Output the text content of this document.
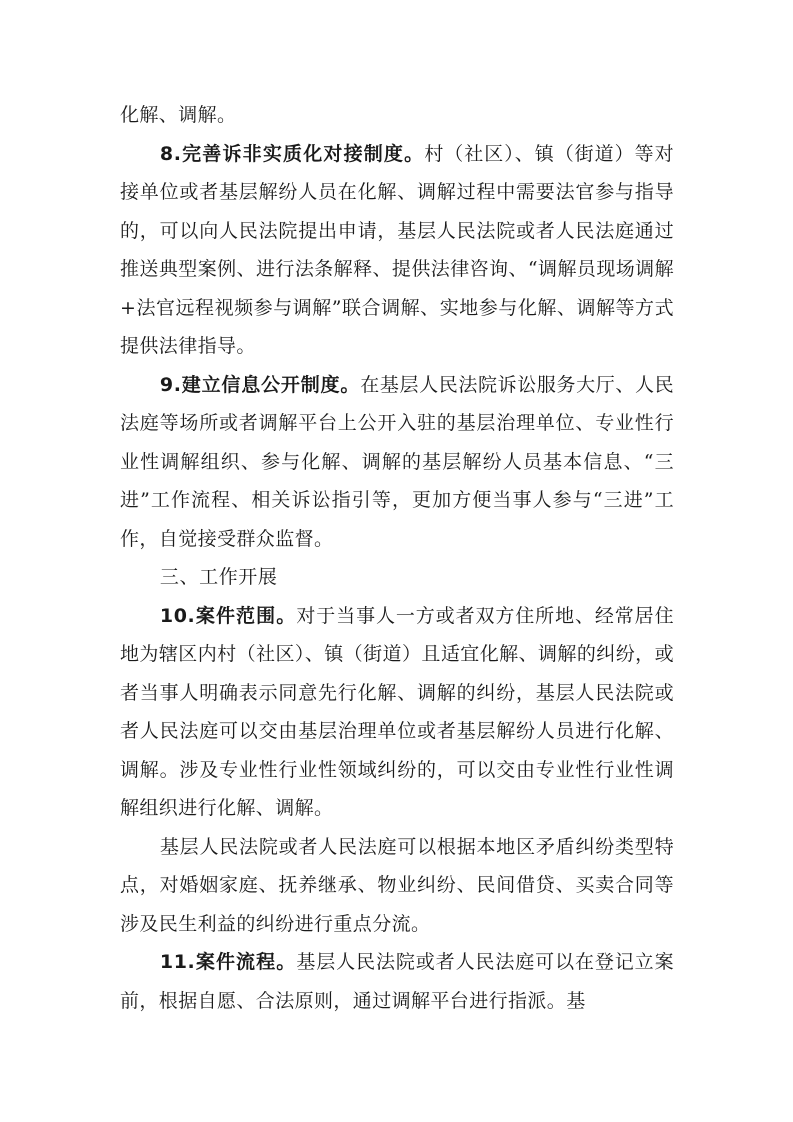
化解、调解。

8.完善诉非实质化对接制度。村（社区）、镇（街道）等对接单位或者基层解纷人员在化解、调解过程中需要法官参与指导的，可以向人民法院提出申请，基层人民法院或者人民法庭通过推送典型案例、进行法条解释、提供法律咨询、“调解员现场调解+法官远程视频参与调解”联合调解、实地参与化解、调解等方式提供法律指导。

9.建立信息公开制度。在基层人民法院诉讼服务大厅、人民法庭等场所或者调解平台上公开入驻的基层治理单位、专业性行业性调解组织、参与化解、调解的基层解纷人员基本信息、“三进”工作流程、相关诉讼指引等，更加方便当事人参与“三进”工作，自觉接受群众监督。

三、工作开展

10.案件范围。对于当事人一方或者双方住所地、经常居住地为辖区内村（社区）、镇（街道）且适宜化解、调解的纠纷，或者当事人明确表示同意先行化解、调解的纠纷，基层人民法院或者人民法庭可以交由基层治理单位或者基层解纷人员进行化解、调解。涉及专业性行业性领域纠纷的，可以交由专业性行业性调解组织进行化解、调解。

基层人民法院或者人民法庭可以根据本地区矛盾纠纷类型特点，对婚姻家庭、抚养继承、物业纠纷、民间借贷、买卖合同等涉及民生利益的纠纷进行重点分流。

11.案件流程。基层人民法院或者人民法庭可以在登记立案前，根据自愿、合法原则，通过调解平台进行指派。基
